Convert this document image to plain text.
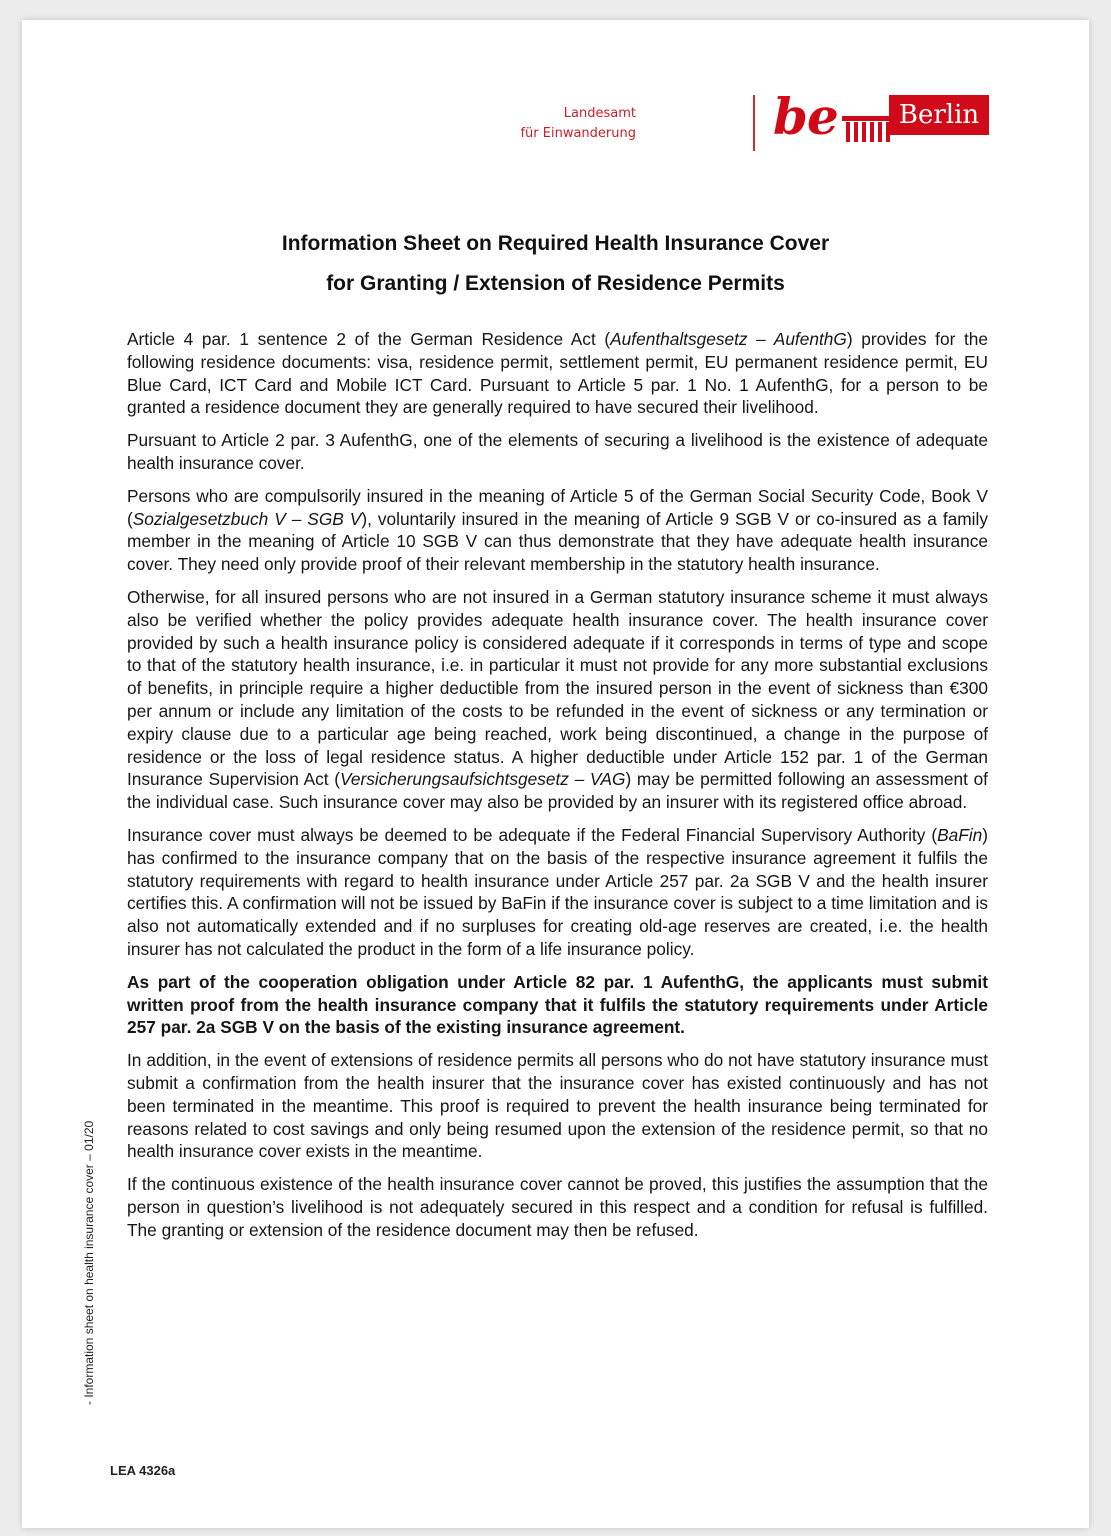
Landesamt
für Einwanderung	be	Berlin
Information Sheet on Required Health Insurance Cover
for Granting / Extension of Residence Permits

Article 4 par. 1 sentence 2 of the German Residence Act (Aufenthaltsgesetz – AufenthG) provides for the following residence documents: visa, residence permit, settlement permit, EU permanent residence permit, EU Blue Card, ICT Card and Mobile ICT Card. Pursuant to Article 5 par. 1 No. 1 AufenthG, for a person to be granted a residence document they are generally required to have secured their livelihood.

Pursuant to Article 2 par. 3 AufenthG, one of the elements of securing a livelihood is the existence of adequate health insurance cover.

Persons who are compulsorily insured in the meaning of Article 5 of the German Social Security Code, Book V (Sozialgesetzbuch V – SGB V), voluntarily insured in the meaning of Article 9 SGB V or co-insured as a family member in the meaning of Article 10 SGB V can thus demonstrate that they have adequate health insurance cover. They need only provide proof of their relevant membership in the statutory health insurance.

Otherwise, for all insured persons who are not insured in a German statutory insurance scheme it must always also be verified whether the policy provides adequate health insurance cover. The health insurance cover provided by such a health insurance policy is considered adequate if it corresponds in terms of type and scope to that of the statutory health insurance, i.e. in particular it must not provide for any more substantial exclusions of benefits, in principle require a higher deductible from the insured person in the event of sickness than €300 per annum or include any limitation of the costs to be refunded in the event of sickness or any termination or expiry clause due to a particular age being reached, work being discontinued, a change in the purpose of residence or the loss of legal residence status. A higher deductible under Article 152 par. 1 of the German Insurance Supervision Act (Versicherungsaufsichtsgesetz – VAG) may be permitted following an assessment of the individual case. Such insurance cover may also be provided by an insurer with its registered office abroad.

Insurance cover must always be deemed to be adequate if the Federal Financial Supervisory Authority (BaFin) has confirmed to the insurance company that on the basis of the respective insurance agreement it fulfils the statutory requirements with regard to health insurance under Article 257 par. 2a SGB V and the health insurer certifies this. A confirmation will not be issued by BaFin if the insurance cover is subject to a time limitation and is also not automatically extended and if no surpluses for creating old-age reserves are created, i.e. the health insurer has not calculated the product in the form of a life insurance policy.

As part of the cooperation obligation under Article 82 par. 1 AufenthG, the applicants must submit written proof from the health insurance company that it fulfils the statutory requirements under Article 257 par. 2a SGB V on the basis of the existing insurance agreement.

In addition, in the event of extensions of residence permits all persons who do not have statutory insurance must submit a confirmation from the health insurer that the insurance cover has existed continuously and has not been terminated in the meantime. This proof is required to prevent the health insurance being terminated for reasons related to cost savings and only being resumed upon the extension of the residence permit, so that no health insurance cover exists in the meantime.

If the continuous existence of the health insurance cover cannot be proved, this justifies the assumption that the person in question’s livelihood is not adequately secured in this respect and a condition for refusal is fulfilled. The granting or extension of the residence document may then be refused.

- Information sheet on health insurance cover – 01/20
LEA 4326a
